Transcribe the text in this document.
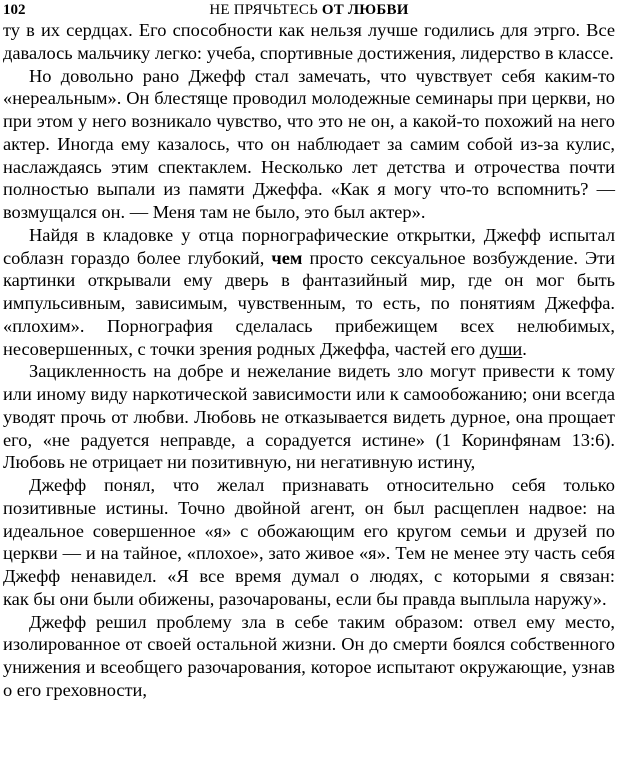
102	НЕ ПРЯЧЬТЕСЬ ОТ ЛЮБВИ

ту в их сердцах. Его способности как нельзя лучше годились для этрго. Все давалось мальчику легко: учеба, спортивные достижения, лидерство в классе.

Но довольно рано Джефф стал замечать, что чувствует себя каким-то «нереальным». Он блестяще проводил молодежные семинары при церкви, но при этом у него возникало чувство, что это не он, а какой-то похожий на него актер. Иногда ему казалось, что он наблюдает за самим собой из-за кулис, наслаждаясь этим спектаклем. Несколько лет детства и отрочества почти полностью выпали из памяти Джеффа. «Как я могу что-то вспомнить? — возмущался он. — Меня там не было, это был актер».

Найдя в кладовке у отца порнографические открытки, Джефф испытал соблазн гораздо более глубокий, чем просто сексуальное возбуждение. Эти картинки открывали ему дверь в фантазийный мир, где он мог быть импульсивным, зависимым, чувственным, то есть, по понятиям Джеффа. «плохим». Порнография сделалась прибежищем всех нелюбимых, несовершенных, с точки зрения родных Джеффа, частей его души.

Зацикленность на добре и нежелание видеть зло могут привести к тому или иному виду наркотической зависимости или к самообожанию; они всегда уводят прочь от любви. Любовь не отказывается видеть дурное, она прощает его, «не радуется неправде, а сорадуется истине» (1 Коринфянам 13:6). Любовь не отрицает ни позитивную, ни негативную истину,

Джефф понял, что желал признавать относительно себя только позитивные истины. Точно двойной агент, он был расщеплен надвое: на идеальное совершенное «я» с обожающим его кругом семьи и друзей по церкви — и на тайное, «плохое», зато живое «я». Тем не менее эту часть себя Джефф ненавидел. «Я все время думал о людях, с которыми я связан:

как бы они были обижены, разочарованы, если бы правда выплыла наружу».

Джефф решил проблему зла в себе таким образом: отвел ему место, изолированное от своей остальной жизни. Он до смерти боялся собственного унижения и всеобщего разочарования, которое испытают окружающие, узнав о его греховности,
